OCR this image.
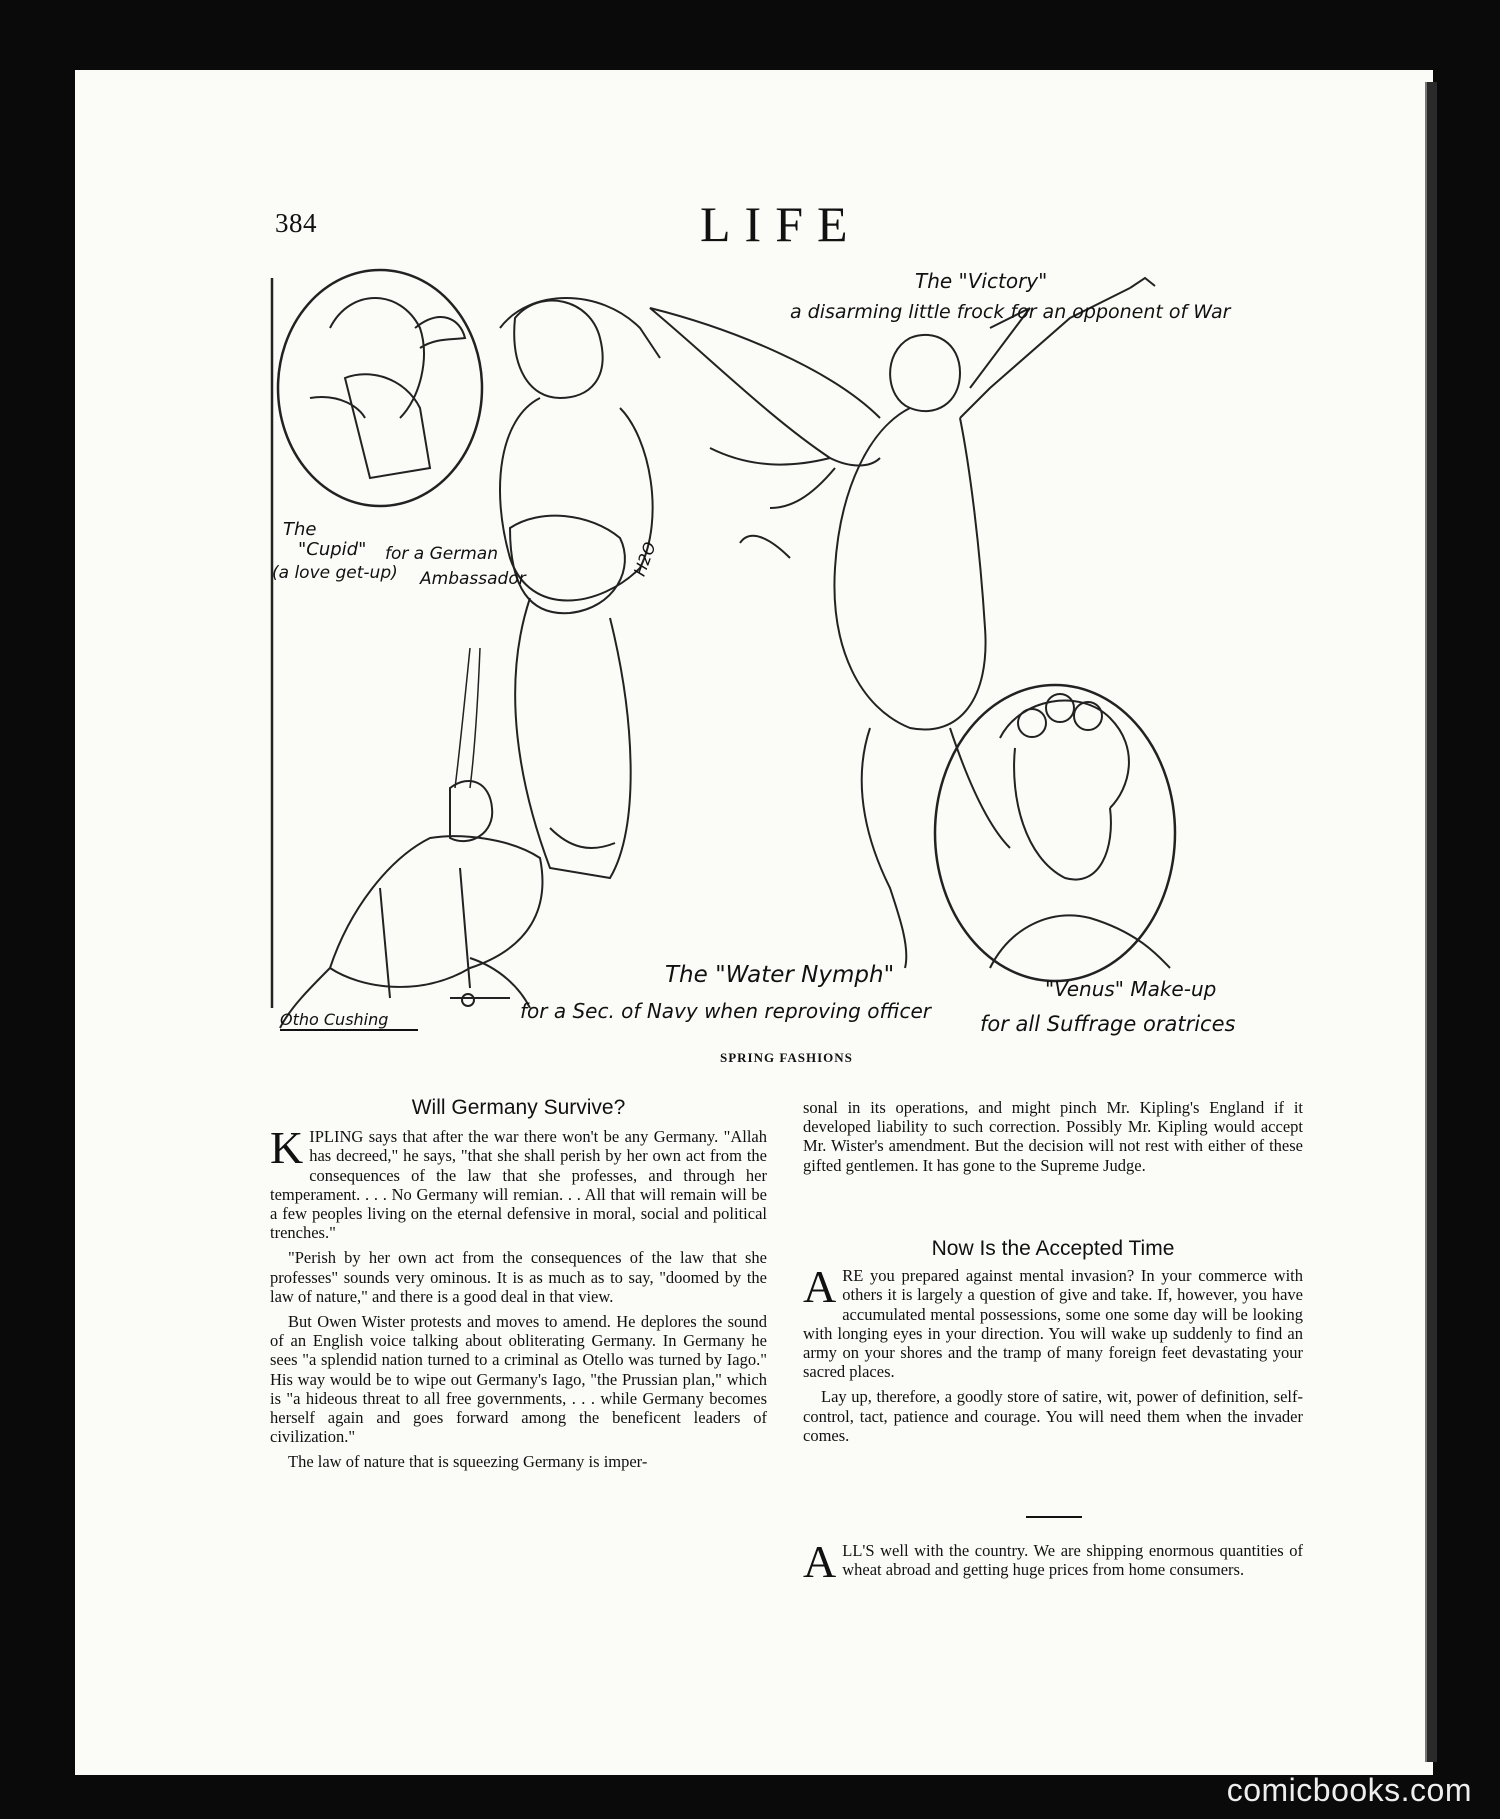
384	LIFE
The "Victory"
a disarming little frock for an opponent of War
The
"Cupid" for a German
(a love get-up) Ambassador
The "Water Nymph"
for a Sec. of Navy when reproving officer
"Venus" Make-up
for all Suffrage oratrices
H2O
Otho Cushing
SPRING FASHIONS
Will Germany Survive?

KIPLING says that after the war there won't be any Germany. "Allah has decreed," he says, "that she shall perish by her own act from the consequences of the law that she professes, and through her temperament. . . . No Germany will remian. . . All that will remain will be a few peoples living on the eternal defensive in moral, social and political trenches."

"Perish by her own act from the consequences of the law that she professes" sounds very ominous. It is as much as to say, "doomed by the law of nature," and there is a good deal in that view.

But Owen Wister protests and moves to amend. He deplores the sound of an English voice talking about obliterating Germany. In Germany he sees "a splendid nation turned to a criminal as Otello was turned by Iago." His way would be to wipe out Germany's Iago, "the Prussian plan," which is "a hideous threat to all free governments, . . . while Germany becomes herself again and goes forward among the beneficent leaders of civilization."

The law of nature that is squeezing Germany is imper-

sonal in its operations, and might pinch Mr. Kipling's England if it developed liability to such correction. Possibly Mr. Kipling would accept Mr. Wister's amendment. But the decision will not rest with either of these gifted gentlemen. It has gone to the Supreme Judge.

Now Is the Accepted Time

ARE you prepared against mental invasion? In your commerce with others it is largely a question of give and take. If, however, you have accumulated mental possessions, some one some day will be looking with longing eyes in your direction. You will wake up suddenly to find an army on your shores and the tramp of many foreign feet devastating your sacred places.

Lay up, therefore, a goodly store of satire, wit, power of definition, self-control, tact, patience and courage. You will need them when the invader comes.

ALL'S well with the country. We are shipping enormous quantities of wheat abroad and getting huge prices from home consumers.

comicbooks.com
